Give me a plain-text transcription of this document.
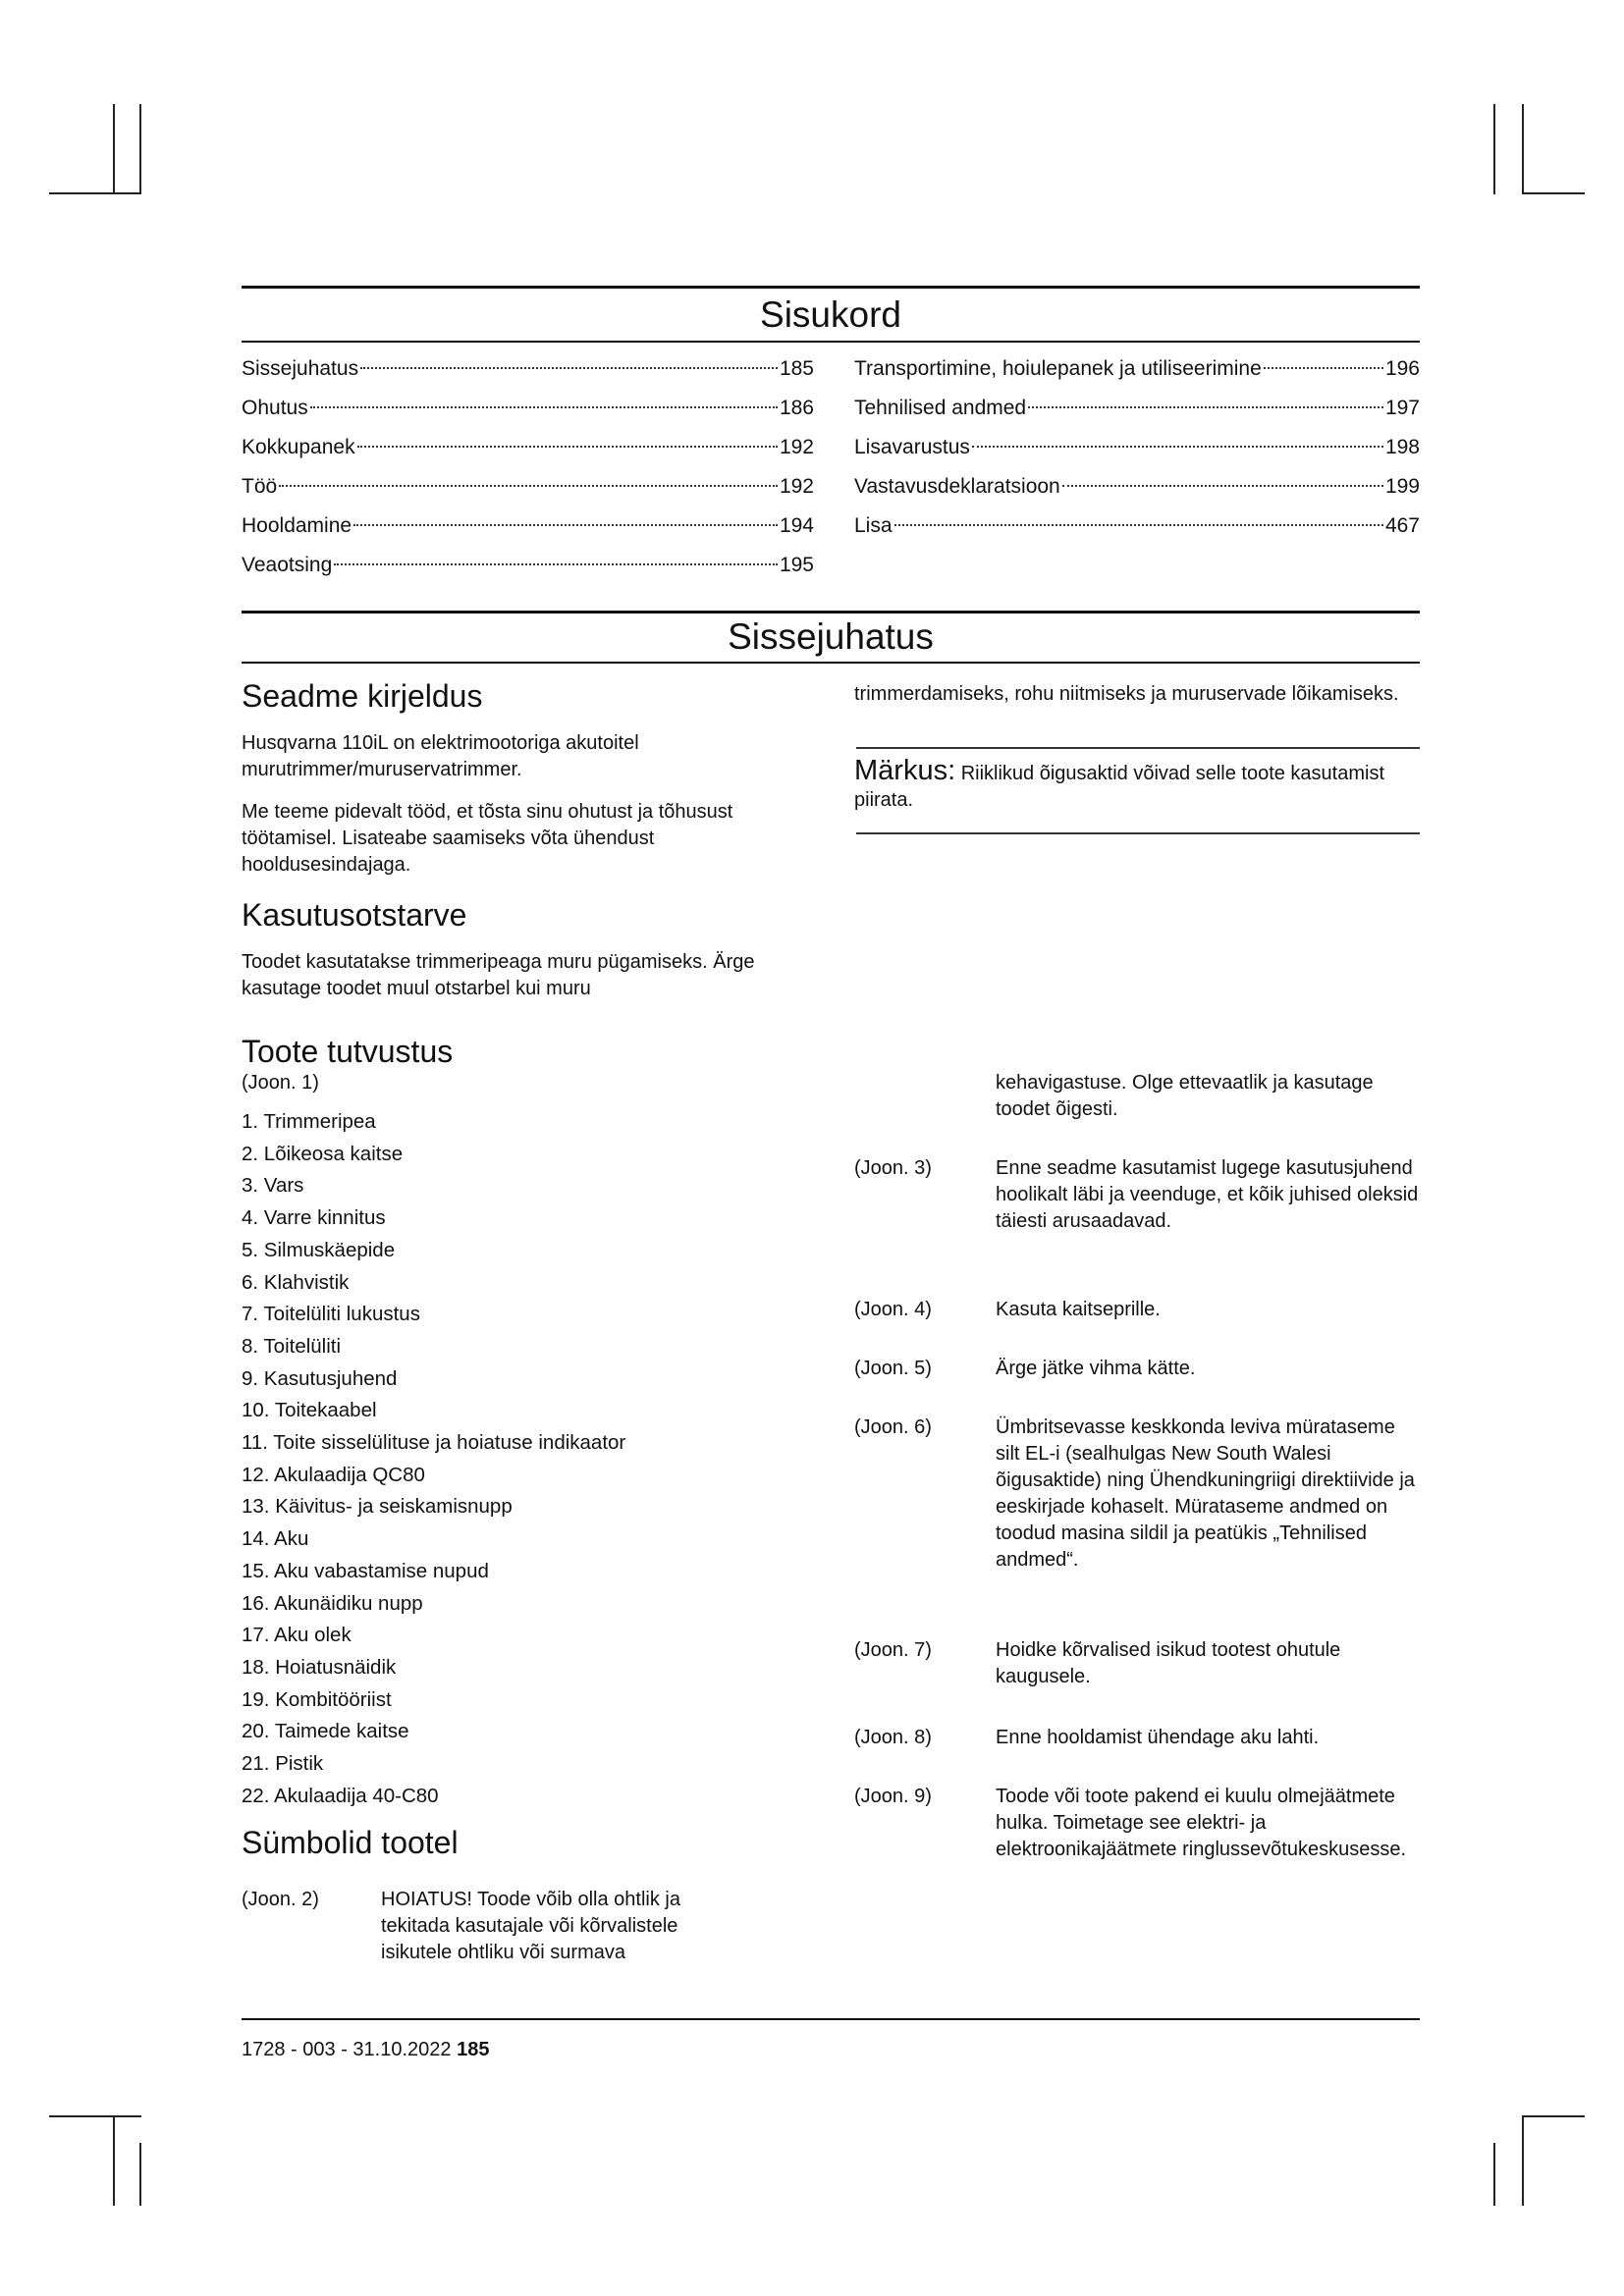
Sisukord
Sissejuhatus	185
Ohutus	186
Kokkupanek	192
Töö	192
Hooldamine	194
Veaotsing	195
Transportimine, hoiulepanek ja utiliseerimine	196
Tehnilised andmed	197
Lisavarustus	198
Vastavusdeklaratsioon	199
Lisa	467
Sissejuhatus
Seadme kirjeldus

Husqvarna 110iL on elektrimootoriga akutoitel murutrimmer/muruservatrimmer.

Me teeme pidevalt tööd, et tõsta sinu ohutust ja tõhusust töötamisel. Lisateabe saamiseks võta ühendust hooldusesindajaga.

Kasutusotstarve

Toodet kasutatakse trimmeripeaga muru pügamiseks. Ärge kasutage toodet muul otstarbel kui muru

trimmerdamiseks, rohu niitmiseks ja muruservade lõikamiseks.

Märkus: Riiklikud õigusaktid võivad selle toote kasutamist piirata.

Toote tutvustus

(Joon. 1)

1. Trimmeripea
2. Lõikeosa kaitse
3. Vars
4. Varre kinnitus
5. Silmuskäepide
6. Klahvistik
7. Toitelüliti lukustus
8. Toitelüliti
9. Kasutusjuhend
10. Toitekaabel
11. Toite sisselülituse ja hoiatuse indikaator
12. Akulaadija QC80
13. Käivitus- ja seiskamisnupp
14. Aku
15. Aku vabastamise nupud
16. Akunäidiku nupp
17. Aku olek
18. Hoiatusnäidik
19. Kombitööriist
20. Taimede kaitse
21. Pistik
22. Akulaadija 40-C80
Sümbolid tootel
(Joon. 2)	HOIATUS! Toode võib olla ohtlik ja tekitada kasutajale või kõrvalistele isikutele ohtliku või surmava
kehavigastuse. Olge ettevaatlik ja kasutage toodet õigesti.
(Joon. 3)	Enne seadme kasutamist lugege kasutusjuhend hoolikalt läbi ja veenduge, et kõik juhised oleksid täiesti arusaadavad.
(Joon. 4)	Kasuta kaitseprille.
(Joon. 5)	Ärge jätke vihma kätte.
(Joon. 6)	Ümbritsevasse keskkonda leviva mürataseme silt EL-i (sealhulgas New South Walesi õigusaktide) ning Ühendkuningriigi direktiivide ja eeskirjade kohaselt. Mürataseme andmed on toodud masina sildil ja peatükis „Tehnilised andmed“.
(Joon. 7)	Hoidke kõrvalised isikud tootest ohutule kaugusele.
(Joon. 8)	Enne hooldamist ühendage aku lahti.
(Joon. 9)	Toode või toote pakend ei kuulu olmejäätmete hulka. Toimetage see elektri- ja elektroonikajäätmete ringlussevõtukeskusesse.
1728 - 003 - 31.10.2022 185
